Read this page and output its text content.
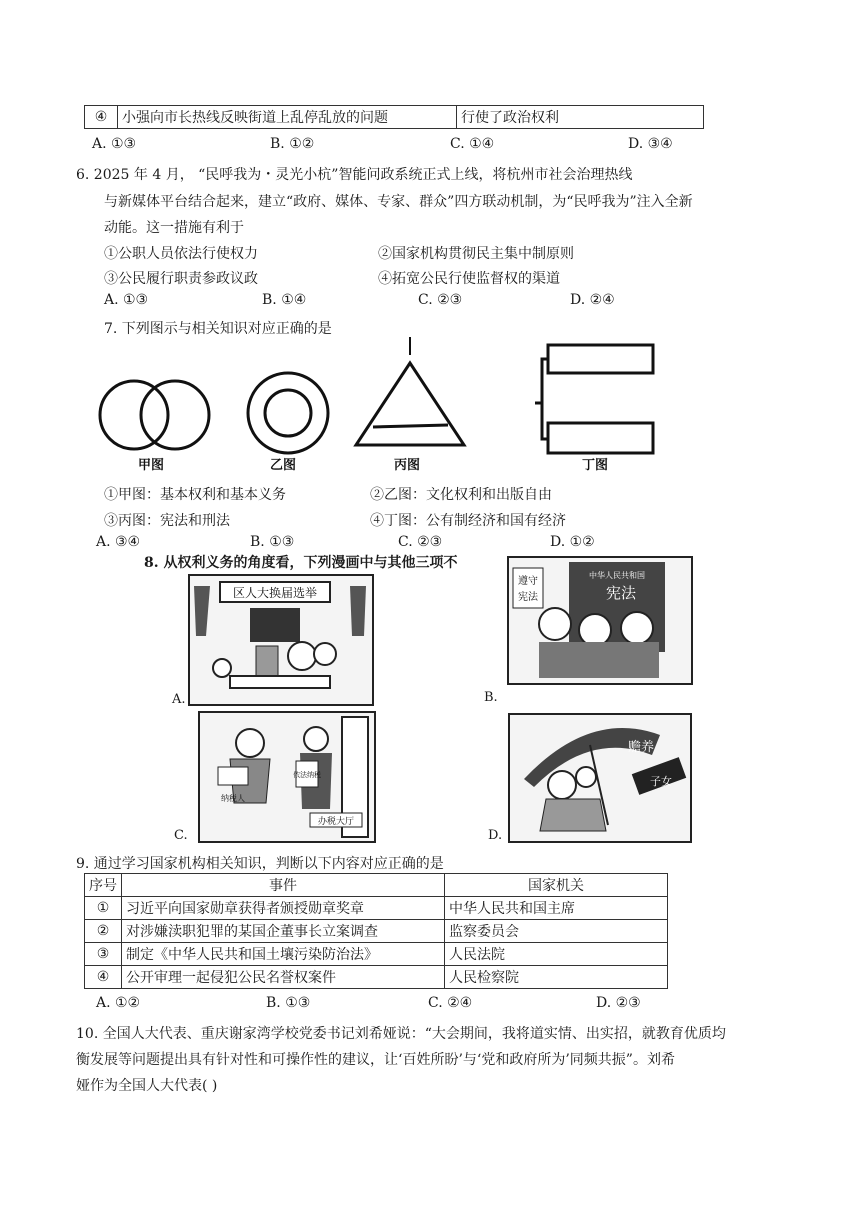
④	小强向市长热线反映街道上乱停乱放的问题	行使了政治权利
A. ①③	B. ①②	C. ①④	D. ③④
6. 2025 年 4 月， “民呼我为・灵光小杭”智能问政系统正式上线，将杭州市社会治理热线
与新媒体平台结合起来，建立“政府、媒体、专家、群众”四方联动机制，为“民呼我为”注入全新
动能。这一措施有利于
①公职人员依法行使权力	②国家机构贯彻民主集中制原则
③公民履行职责参政议政	④拓宽公民行使监督权的渠道
A. ①③	B. ①④	C. ②③	D. ②④
7. 下列图示与相关知识对应正确的是
甲图	乙图	丙图	丁图
①甲图：基本权利和基本义务	②乙图：文化权利和出版自由
③丙图：宪法和刑法	④丁图：公有制经济和国有经济
A. ③④	B. ①③	C. ②③	D. ①②
8. 从权利义务的角度看，下列漫画中与其他三项不
区人大换届选举
A.
中华人民共和国
宪法
遵守
宪法
B.
纳税人
依法纳税
办税大厅
C.
赡养
子女
D.
9. 通过学习国家机构相关知识，判断以下内容对应正确的是
序号	事件	国家机关
①	习近平向国家勋章获得者颁授勋章奖章	中华人民共和国主席
②	对涉嫌渎职犯罪的某国企董事长立案调查	监察委员会
③	制定《中华人民共和国土壤污染防治法》	人民法院
④	公开审理一起侵犯公民名誉权案件	人民检察院
A. ①②	B. ①③	C. ②④	D. ②③
10. 全国人大代表、重庆谢家湾学校党委书记刘希娅说：“大会期间，我将道实情、出实招，就教育优质均
衡发展等问题提出具有针对性和可操作性的建议，让‘百姓所盼’与‘党和政府所为’同频共振”。刘希
娅作为全国人大代表( )
